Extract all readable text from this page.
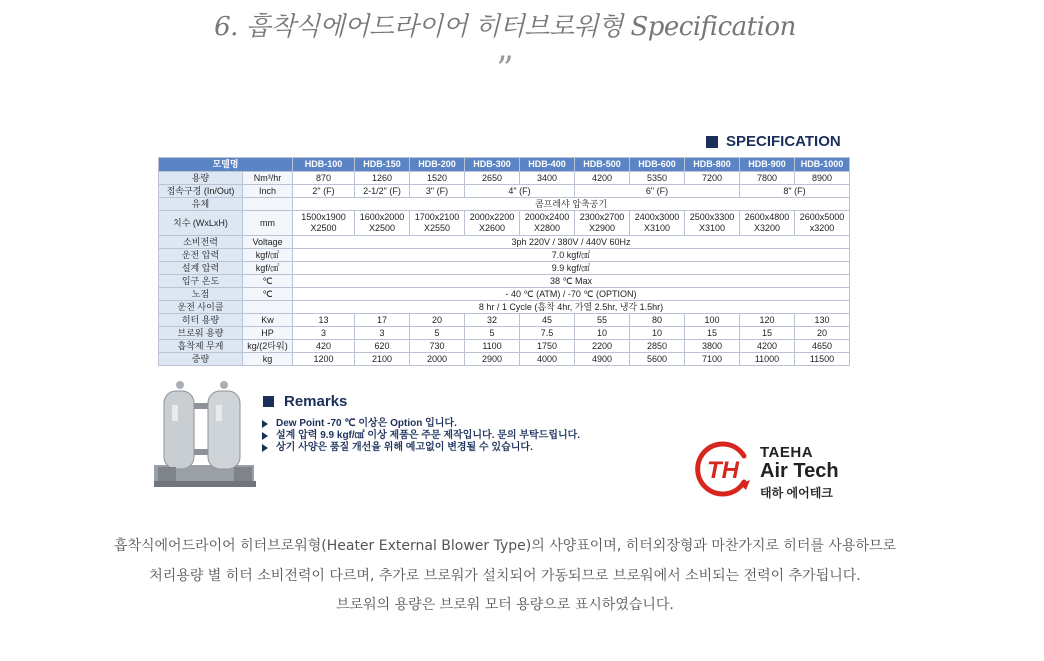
6. 흡착식에어드라이어 히터브로워형 Specification
”
SPECIFICATION
모델명		HDB-100	HDB-150	HDB-200	HDB-300	HDB-400	HDB-500	HDB-600	HDB-800	HDB-900	HDB-1000
용량	Nm³/hr	870	1260	1520	2650	3400	4200	5350	7200	7800	8900
접속구경 (In/Out)	Inch	2" (F)	2-1/2" (F)	3" (F)	4" (F)		6" (F)			8" (F)	
유체		콤프레샤 압축공기									
치수 (WxLxH)	mm	1500x1900 X2500	1600x2000 X2500	1700x2100 X2550	2000x2200 X2600	2000x2400 X2800	2300x2700 X2900	2400x3000 X3100	2500x3300 X3100	2600x4800 X3200	2600x5000 x3200
소비전력	Voltage	3ph 220V / 380V / 440V 60Hz									
운전 압력	kgf/㎠	7.0 kgf/㎠									
설계 압력	kgf/㎠	9.9 kgf/㎠									
입구 온도	℃	38 ℃ Max									
노점	℃	- 40 ℃ (ATM) / -70 ℃ (OPTION)									
운전 사이클		8 hr / 1 Cycle (흡착 4hr, 가열 2.5hr, 냉각 1.5hr)									
히터 용량	Kw	13	17	20	32	45	55	80	100	120	130
브로워 용량	HP	3	3	5	5	7.5	10	10	15	15	20
흡착제 무게	kg/(2타워)	420	620	730	1100	1750	2200	2850	3800	4200	4650
중량	kg	1200	2100	2000	2900	4000	4900	5600	7100	11000	11500
Remarks
Dew Point -70 ℃ 이상은 Option 입니다.
설계 압력 9.9 kgf/㎠ 이상 제품은 주문 제작입니다. 문의 부탁드립니다.
상기 사양은 품질 개선을 위해 예고없이 변경될 수 있습니다.
TH
TAEHA
Air Tech
태하 에어테크
흡착식에어드라이어 히터브로워형(Heater External Blower Type)의 사양표이며, 히터외장형과 마찬가지로 히터를 사용하므로
처리용량 별 히터 소비전력이 다르며, 추가로 브로워가 설치되어 가동되므로 브로워에서 소비되는 전력이 추가됩니다.
브로워의 용량은 브로워 모터 용량으로 표시하였습니다.
